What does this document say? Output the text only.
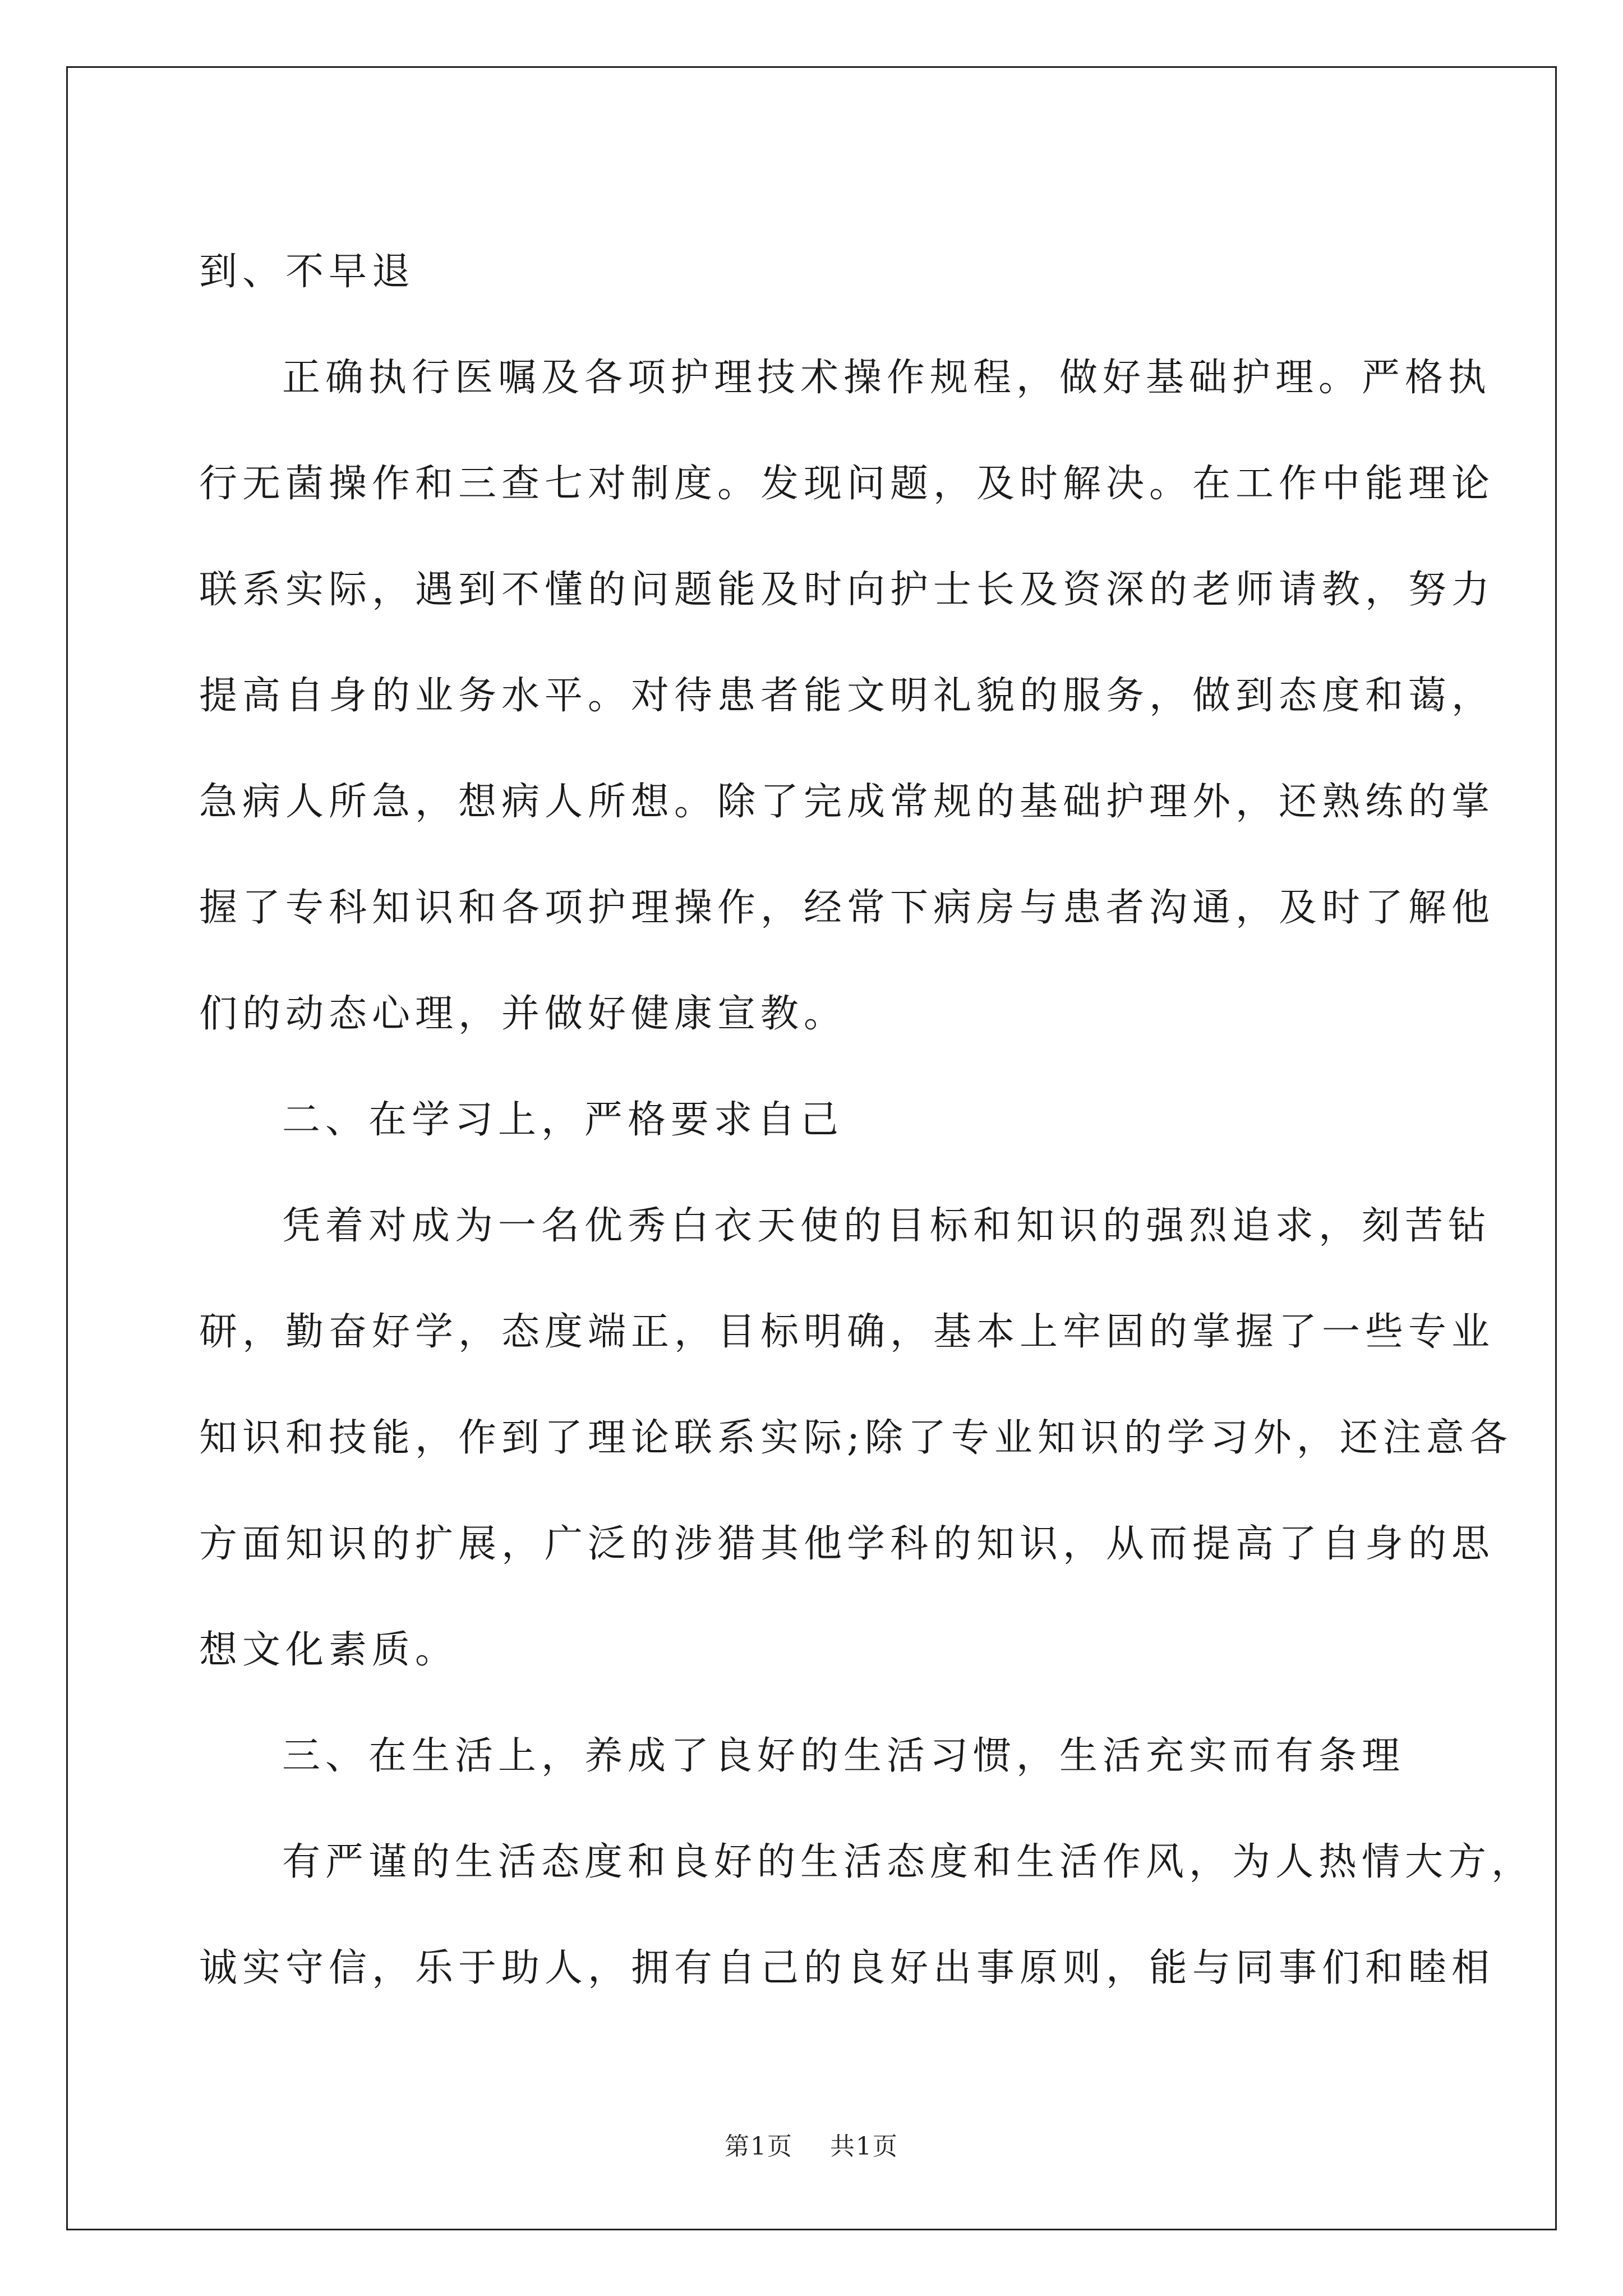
到、不早退
正确执行医嘱及各项护理技术操作规程，做好基础护理。严格执
行无菌操作和三查七对制度。发现问题，及时解决。在工作中能理论
联系实际，遇到不懂的问题能及时向护士长及资深的老师请教，努力
提高自身的业务水平。对待患者能文明礼貌的服务，做到态度和蔼，
急病人所急，想病人所想。除了完成常规的基础护理外，还熟练的掌
握了专科知识和各项护理操作，经常下病房与患者沟通，及时了解他
们的动态心理，并做好健康宣教。
二、在学习上，严格要求自己
凭着对成为一名优秀白衣天使的目标和知识的强烈追求，刻苦钻
研，勤奋好学，态度端正，目标明确，基本上牢固的掌握了一些专业
知识和技能，作到了理论联系实际;除了专业知识的学习外，还注意各
方面知识的扩展，广泛的涉猎其他学科的知识，从而提高了自身的思
想文化素质。
三、在生活上，养成了良好的生活习惯，生活充实而有条理
有严谨的生活态度和良好的生活态度和生活作风，为人热情大方，
诚实守信，乐于助人，拥有自己的良好出事原则，能与同事们和睦相
第1页 共1页
